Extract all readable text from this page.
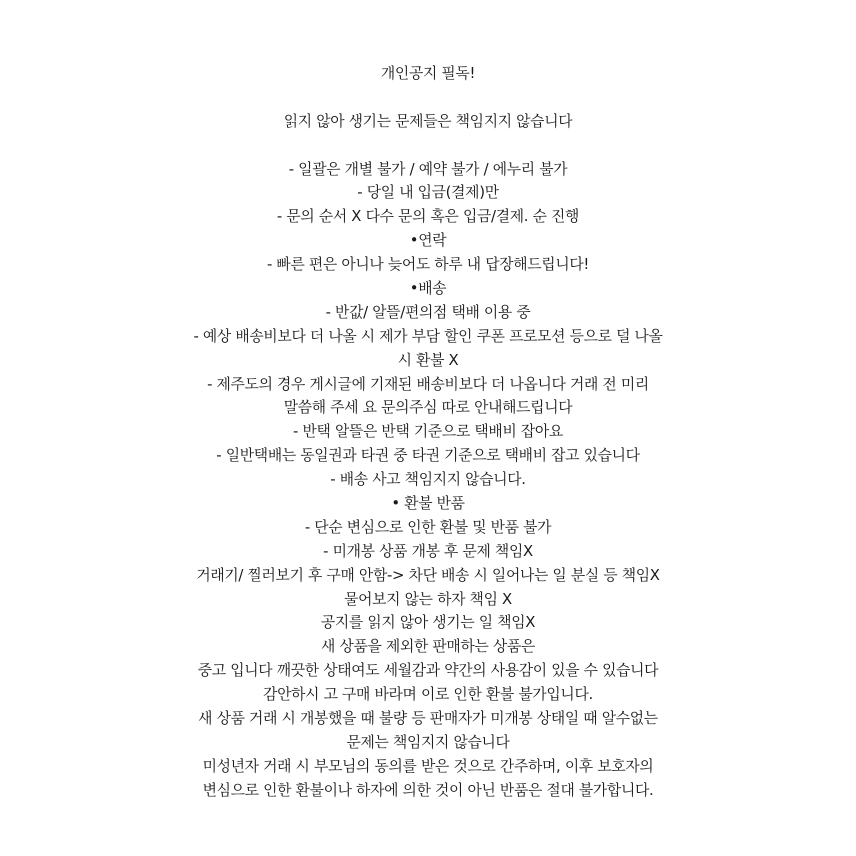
개인공지 필독!
읽지 않아 생기는 문제들은 책임지지 않습니다
- 일괄은 개별 불가 / 예약 불가 / 에누리 불가
- 당일 내 입금(결제)만
- 문의 순서 X 다수 문의 혹은 입금/결제. 순 진행
•연락
- 빠른 편은 아니나 늦어도 하루 내 답장해드립니다!
•배송
- 반값/ 알뜰/편의점 택배 이용 중
- 예상 배송비보다 더 나올 시 제가 부담 할인 쿠폰 프로모션 등으로 덜 나올
시 환불 X
- 제주도의 경우 게시글에 기재된 배송비보다 더 나옵니다 거래 전 미리
말씀해 주세 요 문의주심 따로 안내해드립니다
- 반택 알뜰은 반택 기준으로 택배비 잡아요
- 일반택배는 동일권과 타권 중 타권 기준으로 택배비 잡고 있습니다
- 배송 사고 책임지지 않습니다.
• 환불 반품
- 단순 변심으로 인한 환불 및 반품 불가
- 미개봉 상품 개봉 후 문제 책임X
거래기/ 찔러보기 후 구매 안함-> 차단 배송 시 일어나는 일 분실 등 책임X
물어보지 않는 하자 책임 X
공지를 읽지 않아 생기는 일 책임X
새 상품을 제외한 판매하는 상품은
중고 입니다 깨끗한 상태여도 세월감과 약간의 사용감이 있을 수 있습니다
감안하시 고 구매 바라며 이로 인한 환불 불가입니다.
새 상품 거래 시 개봉했을 때 불량 등 판매자가 미개봉 상태일 때 알수없는
문제는 책임지지 않습니다
미성년자 거래 시 부모님의 동의를 받은 것으로 간주하며, 이후 보호자의
변심으로 인한 환불이나 하자에 의한 것이 아닌 반품은 절대 불가합니다.
